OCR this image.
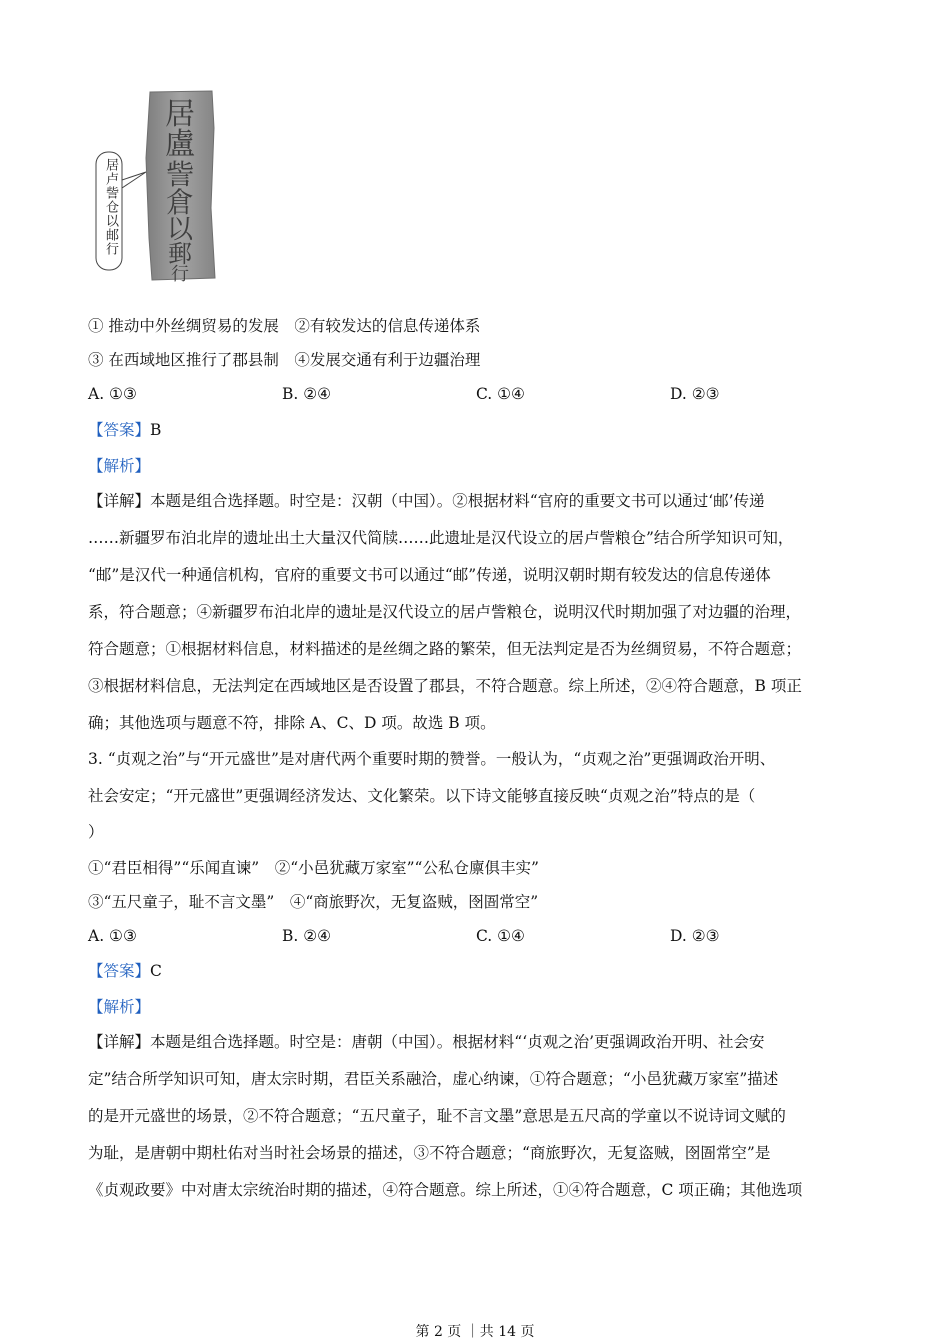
居
盧
訾
倉
以
郵
行
居卢訾仓以邮行
① 推动中外丝绸贸易的发展　②有较发达的信息传递体系
③ 在西域地区推行了郡县制　④发展交通有利于边疆治理
A. ①③	B. ②④	C. ①④	D. ②③
【答案】B
【解析】
【详解】本题是组合选择题。时空是：汉朝（中国）。②根据材料“官府的重要文书可以通过‘邮’传递
……新疆罗布泊北岸的遗址出土大量汉代简牍……此遗址是汉代设立的居卢訾粮仓”结合所学知识可知，
“邮”是汉代一种通信机构，官府的重要文书可以通过“邮”传递，说明汉朝时期有较发达的信息传递体
系，符合题意；④新疆罗布泊北岸的遗址是汉代设立的居卢訾粮仓，说明汉代时期加强了对边疆的治理，
符合题意；①根据材料信息，材料描述的是丝绸之路的繁荣，但无法判定是否为丝绸贸易，不符合题意；
③根据材料信息，无法判定在西域地区是否设置了郡县，不符合题意。综上所述，②④符合题意，B 项正
确；其他选项与题意不符，排除 A、C、D 项。故选 B 项。
3. “贞观之治”与“开元盛世”是对唐代两个重要时期的赞誉。一般认为，“贞观之治”更强调政治开明、
社会安定；“开元盛世”更强调经济发达、文化繁荣。以下诗文能够直接反映“贞观之治”特点的是（
）
①“君臣相得”“乐闻直谏”　②“小邑犹藏万家室”“公私仓廪俱丰实”
③“五尺童子，耻不言文墨”　④“商旅野次，无复盗贼，囹圄常空”
A. ①③	B. ②④	C. ①④	D. ②③
【答案】C
【解析】
【详解】本题是组合选择题。时空是：唐朝（中国）。根据材料“‘贞观之治’更强调政治开明、社会安
定”结合所学知识可知，唐太宗时期，君臣关系融洽，虚心纳谏，①符合题意；“小邑犹藏万家室”描述
的是开元盛世的场景，②不符合题意；“五尺童子，耻不言文墨”意思是五尺高的学童以不说诗词文赋的
为耻，是唐朝中期杜佑对当时社会场景的描述，③不符合题意；“商旅野次，无复盗贼，囹圄常空”是
《贞观政要》中对唐太宗统治时期的描述，④符合题意。综上所述，①④符合题意，C 项正确；其他选项
第 2 页 ｜共 14 页
